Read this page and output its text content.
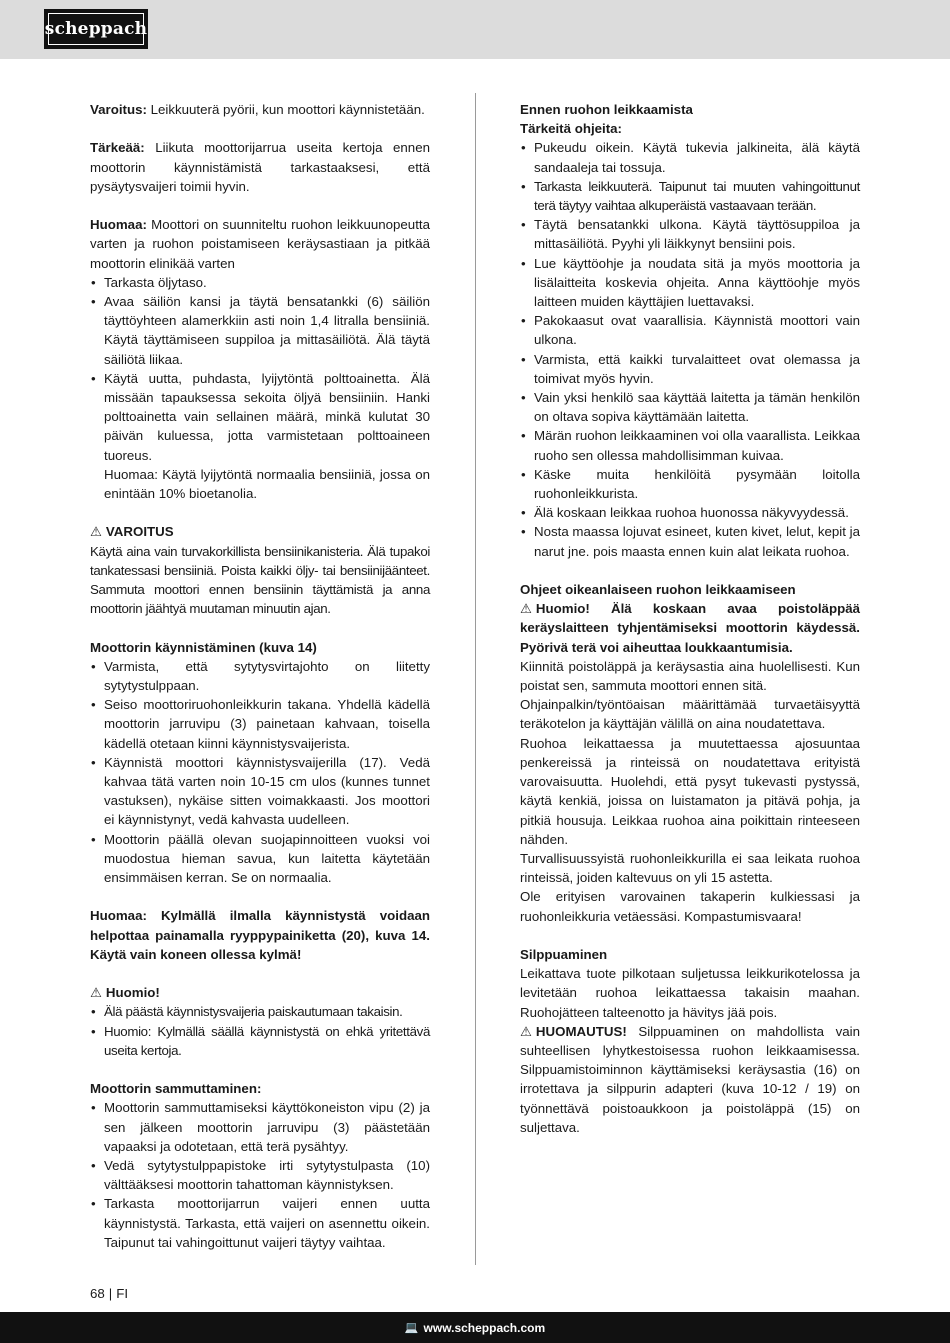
scheppach

Varoitus: Leikkuuterä pyörii, kun moottori käynnistetään.

Tärkeää: Liikuta moottorijarrua useita kertoja ennen moottorin käynnistämistä tarkastaaksesi, että pysäytysvaijeri toimii hyvin.

Huomaa: Moottori on suunniteltu ruohon leikkuunopeutta varten ja ruohon poistamiseen keräysastiaan ja pitkää moottorin elinikää varten

• Tarkasta öljytaso.
• Avaa säiliön kansi ja täytä bensatankki (6) säiliön täyttöyhteen alamerkkiin asti noin 1,4 litralla bensiiniä. Käytä täyttämiseen suppiloa ja mittasäiliötä. Älä täytä säiliötä liikaa.
• Käytä uutta, puhdasta, lyijytöntä polttoainetta. Älä missään tapauksessa sekoita öljyä bensiiniin. Hanki polttoainetta vain sellainen määrä, minkä kulutat 30 päivän kuluessa, jotta varmistetaan polttoaineen tuoreus.

Huomaa: Käytä lyijytöntä normaalia bensiiniä, jossa on enintään 10% bioetanolia.

⚠ VAROITUS

Käytä aina vain turvakorkillista bensiinikanisteria. Älä tupakoi tankatessasi bensiiniä. Poista kaikki öljy- tai bensiinijäänteet. Sammuta moottori ennen bensiinin täyttämistä ja anna moottorin jäähtyä muutaman minuutin ajan.

Moottorin käynnistäminen (kuva 14)

• Varmista, että sytytysvirtajohto on liitetty sytytystulppaan.
• Seiso moottoriruohonleikkurin takana. Yhdellä kädellä moottorin jarruvipu (3) painetaan kahvaan, toisella kädellä otetaan kiinni käynnistysvaijerista.
• Käynnistä moottori käynnistysvaijerilla (17). Vedä kahvaa tätä varten noin 10-15 cm ulos (kunnes tunnet vastuksen), nykäise sitten voimakkaasti. Jos moottori ei käynnistynyt, vedä kahvasta uudelleen.
• Moottorin päällä olevan suojapinnoitteen vuoksi voi muodostua hieman savua, kun laitetta käytetään ensimmäisen kerran. Se on normaalia.

Huomaa: Kylmällä ilmalla käynnistystä voidaan helpottaa painamalla ryyppypainiketta (20), kuva 14. Käytä vain koneen ollessa kylmä!

⚠ Huomio!

• Älä päästä käynnistysvaijeria paiskautumaan takaisin.
• Huomio: Kylmällä säällä käynnistystä on ehkä yritettävä useita kertoja.

Moottorin sammuttaminen:

• Moottorin sammuttamiseksi käyttökoneiston vipu (2) ja sen jälkeen moottorin jarruvipu (3) päästetään vapaaksi ja odotetaan, että terä pysähtyy.
• Vedä sytytystulppapistoke irti sytytystulpasta (10) välttääksesi moottorin tahattoman käynnistyksen.
• Tarkasta moottorijarrun vaijeri ennen uutta käynnistystä. Tarkasta, että vaijeri on asennettu oikein. Taipunut tai vahingoittunut vaijeri täytyy vaihtaa.

Ennen ruohon leikkaamista

Tärkeitä ohjeita:

• Pukeudu oikein. Käytä tukevia jalkineita, älä käytä sandaaleja tai tossuja.
• Tarkasta leikkuuterä. Taipunut tai muuten vahingoittunut terä täytyy vaihtaa alkuperäistä vastaavaan terään.
• Täytä bensatankki ulkona. Käytä täyttösuppiloa ja mittasäiliötä. Pyyhi yli läikkynyt bensiini pois.
• Lue käyttöohje ja noudata sitä ja myös moottoria ja lisälaitteita koskevia ohjeita. Anna käyttöohje myös laitteen muiden käyttäjien luettavaksi.
• Pakokaasut ovat vaarallisia. Käynnistä moottori vain ulkona.
• Varmista, että kaikki turvalaitteet ovat olemassa ja toimivat myös hyvin.
• Vain yksi henkilö saa käyttää laitetta ja tämän henkilön on oltava sopiva käyttämään laitetta.
• Märän ruohon leikkaaminen voi olla vaarallista. Leikkaa ruoho sen ollessa mahdollisimman kuivaa.
• Käske muita henkilöitä pysymään loitolla ruohonleikkurista.
• Älä koskaan leikkaa ruohoa huonossa näkyvyydessä.
• Nosta maassa lojuvat esineet, kuten kivet, lelut, kepit ja narut jne. pois maasta ennen kuin alat leikata ruohoa.

Ohjeet oikeanlaiseen ruohon leikkaamiseen

⚠ Huomio! Älä koskaan avaa poistoläppää keräyslaitteen tyhjentämiseksi moottorin käydessä. Pyörivä terä voi aiheuttaa loukkaantumisia.

Kiinnitä poistoläppä ja keräysastia aina huolellisesti. Kun poistat sen, sammuta moottori ennen sitä.

Ohjainpalkin/työntöaisan määrittämää turvaetäisyyttä teräkotelon ja käyttäjän välillä on aina noudatettava.

Ruohoa leikattaessa ja muutettaessa ajosuuntaa penkereissä ja rinteissä on noudatettava erityistä varovaisuutta. Huolehdi, että pysyt tukevasti pystyssä, käytä kenkiä, joissa on luistamaton ja pitävä pohja, ja pitkiä housuja. Leikkaa ruohoa aina poikittain rinteeseen nähden.

Turvallisuussyistä ruohonleikkurilla ei saa leikata ruohoa rinteissä, joiden kaltevuus on yli 15 astetta.

Ole erityisen varovainen takaperin kulkiessasi ja ruohonleikkuria vetäessäsi. Kompastumisvaara!

Silppuaminen

Leikattava tuote pilkotaan suljetussa leikkurikotelossa ja levitetään ruohoa leikattaessa takaisin maahan. Ruohojätteen talteenotto ja hävitys jää pois.

⚠ HUOMAUTUS! Silppuaminen on mahdollista vain suhteellisen lyhytkestoisessa ruohon leikkaamisessa. Silppuamistoiminnon käyttämiseksi keräysastia (16) on irrotettava ja silppurin adapteri (kuva 10-12 / 19) on työnnettävä poistoaukkoon ja poistoläppä (15) on suljettava.

68 | FI
💻 www.scheppach.com
